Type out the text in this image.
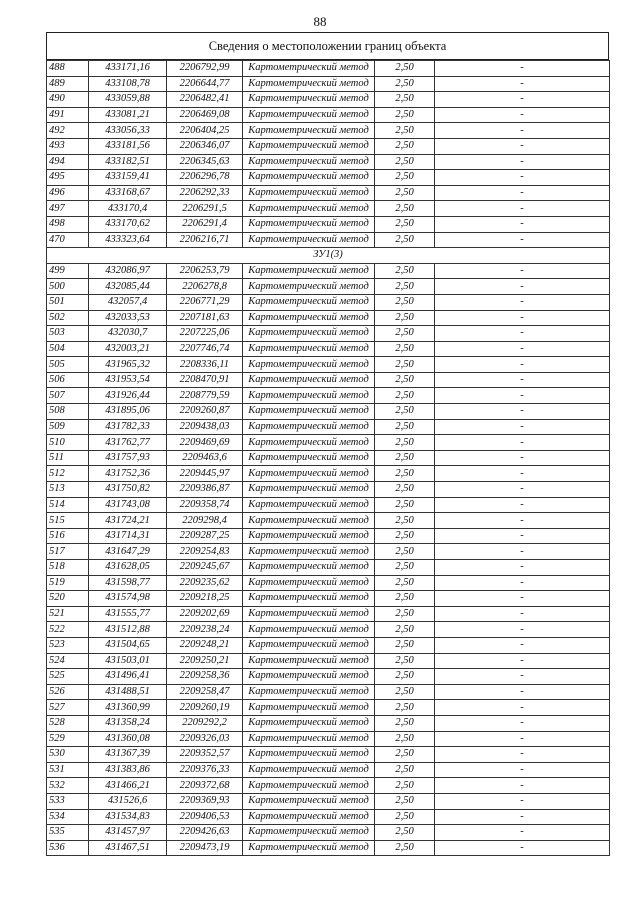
88
Сведения о местоположении границ объекта
488	433171,16	2206792,99	Картометрический метод	2,50	-
489	433108,78	2206644,77	Картометрический метод	2,50	-
490	433059,88	2206482,41	Картометрический метод	2,50	-
491	433081,21	2206469,08	Картометрический метод	2,50	-
492	433056,33	2206404,25	Картометрический метод	2,50	-
493	433181,56	2206346,07	Картометрический метод	2,50	-
494	433182,51	2206345,63	Картометрический метод	2,50	-
495	433159,41	2206296,78	Картометрический метод	2,50	-
496	433168,67	2206292,33	Картометрический метод	2,50	-
497	433170,4	2206291,5	Картометрический метод	2,50	-
498	433170,62	2206291,4	Картометрический метод	2,50	-
470	433323,64	2206216,71	Картометрический метод	2,50	-
ЗУ1(3)					
499	432086,97	2206253,79	Картометрический метод	2,50	-
500	432085,44	2206278,8	Картометрический метод	2,50	-
501	432057,4	2206771,29	Картометрический метод	2,50	-
502	432033,53	2207181,63	Картометрический метод	2,50	-
503	432030,7	2207225,06	Картометрический метод	2,50	-
504	432003,21	2207746,74	Картометрический метод	2,50	-
505	431965,32	2208336,11	Картометрический метод	2,50	-
506	431953,54	2208470,91	Картометрический метод	2,50	-
507	431926,44	2208779,59	Картометрический метод	2,50	-
508	431895,06	2209260,87	Картометрический метод	2,50	-
509	431782,33	2209438,03	Картометрический метод	2,50	-
510	431762,77	2209469,69	Картометрический метод	2,50	-
511	431757,93	2209463,6	Картометрический метод	2,50	-
512	431752,36	2209445,97	Картометрический метод	2,50	-
513	431750,82	2209386,87	Картометрический метод	2,50	-
514	431743,08	2209358,74	Картометрический метод	2,50	-
515	431724,21	2209298,4	Картометрический метод	2,50	-
516	431714,31	2209287,25	Картометрический метод	2,50	-
517	431647,29	2209254,83	Картометрический метод	2,50	-
518	431628,05	2209245,67	Картометрический метод	2,50	-
519	431598,77	2209235,62	Картометрический метод	2,50	-
520	431574,98	2209218,25	Картометрический метод	2,50	-
521	431555,77	2209202,69	Картометрический метод	2,50	-
522	431512,88	2209238,24	Картометрический метод	2,50	-
523	431504,65	2209248,21	Картометрический метод	2,50	-
524	431503,01	2209250,21	Картометрический метод	2,50	-
525	431496,41	2209258,36	Картометрический метод	2,50	-
526	431488,51	2209258,47	Картометрический метод	2,50	-
527	431360,99	2209260,19	Картометрический метод	2,50	-
528	431358,24	2209292,2	Картометрический метод	2,50	-
529	431360,08	2209326,03	Картометрический метод	2,50	-
530	431367,39	2209352,57	Картометрический метод	2,50	-
531	431383,86	2209376,33	Картометрический метод	2,50	-
532	431466,21	2209372,68	Картометрический метод	2,50	-
533	431526,6	2209369,93	Картометрический метод	2,50	-
534	431534,83	2209406,53	Картометрический метод	2,50	-
535	431457,97	2209426,63	Картометрический метод	2,50	-
536	431467,51	2209473,19	Картометрический метод	2,50	-
